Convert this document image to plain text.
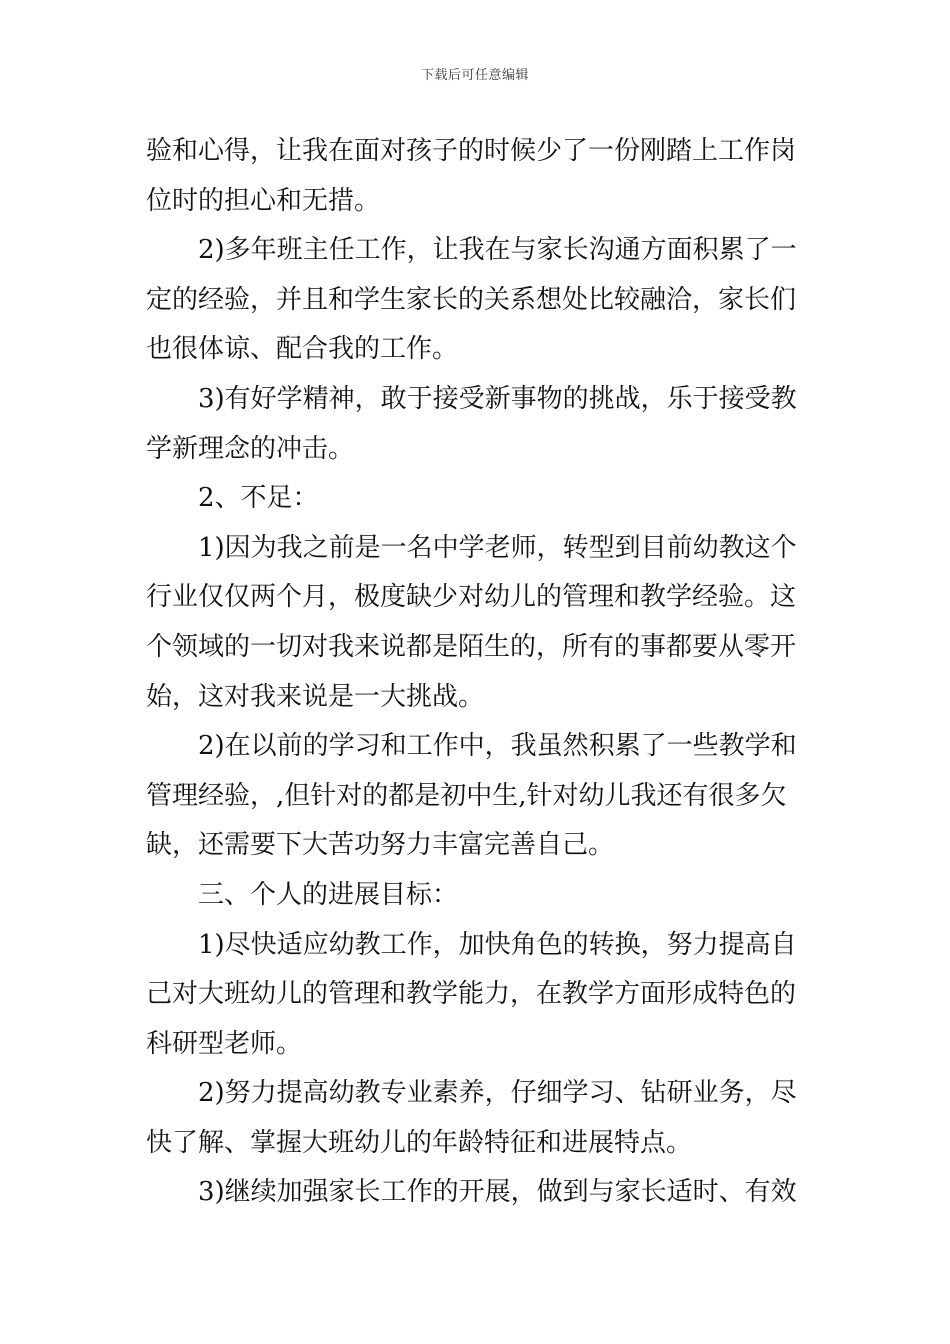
下载后可任意编辑
验和心得，让我在面对孩子的时候少了一份刚踏上工作岗
位时的担心和无措。
2)多年班主任工作，让我在与家长沟通方面积累了一
定的经验，并且和学生家长的关系想处比较融洽，家长们
也很体谅、配合我的工作。
3)有好学精神，敢于接受新事物的挑战，乐于接受教
学新理念的冲击。
2、不足：
1)因为我之前是一名中学老师，转型到目前幼教这个
行业仅仅两个月，极度缺少对幼儿的管理和教学经验。这
个领域的一切对我来说都是陌生的，所有的事都要从零开
始，这对我来说是一大挑战。
2)在以前的学习和工作中，我虽然积累了一些教学和
管理经验，,但针对的都是初中生,针对幼儿我还有很多欠
缺，还需要下大苦功努力丰富完善自己。
三、个人的进展目标：
1)尽快适应幼教工作，加快角色的转换，努力提高自
己对大班幼儿的管理和教学能力，在教学方面形成特色的
科研型老师。
2)努力提高幼教专业素养，仔细学习、钻研业务，尽
快了解、掌握大班幼儿的年龄特征和进展特点。
3)继续加强家长工作的开展，做到与家长适时、有效
